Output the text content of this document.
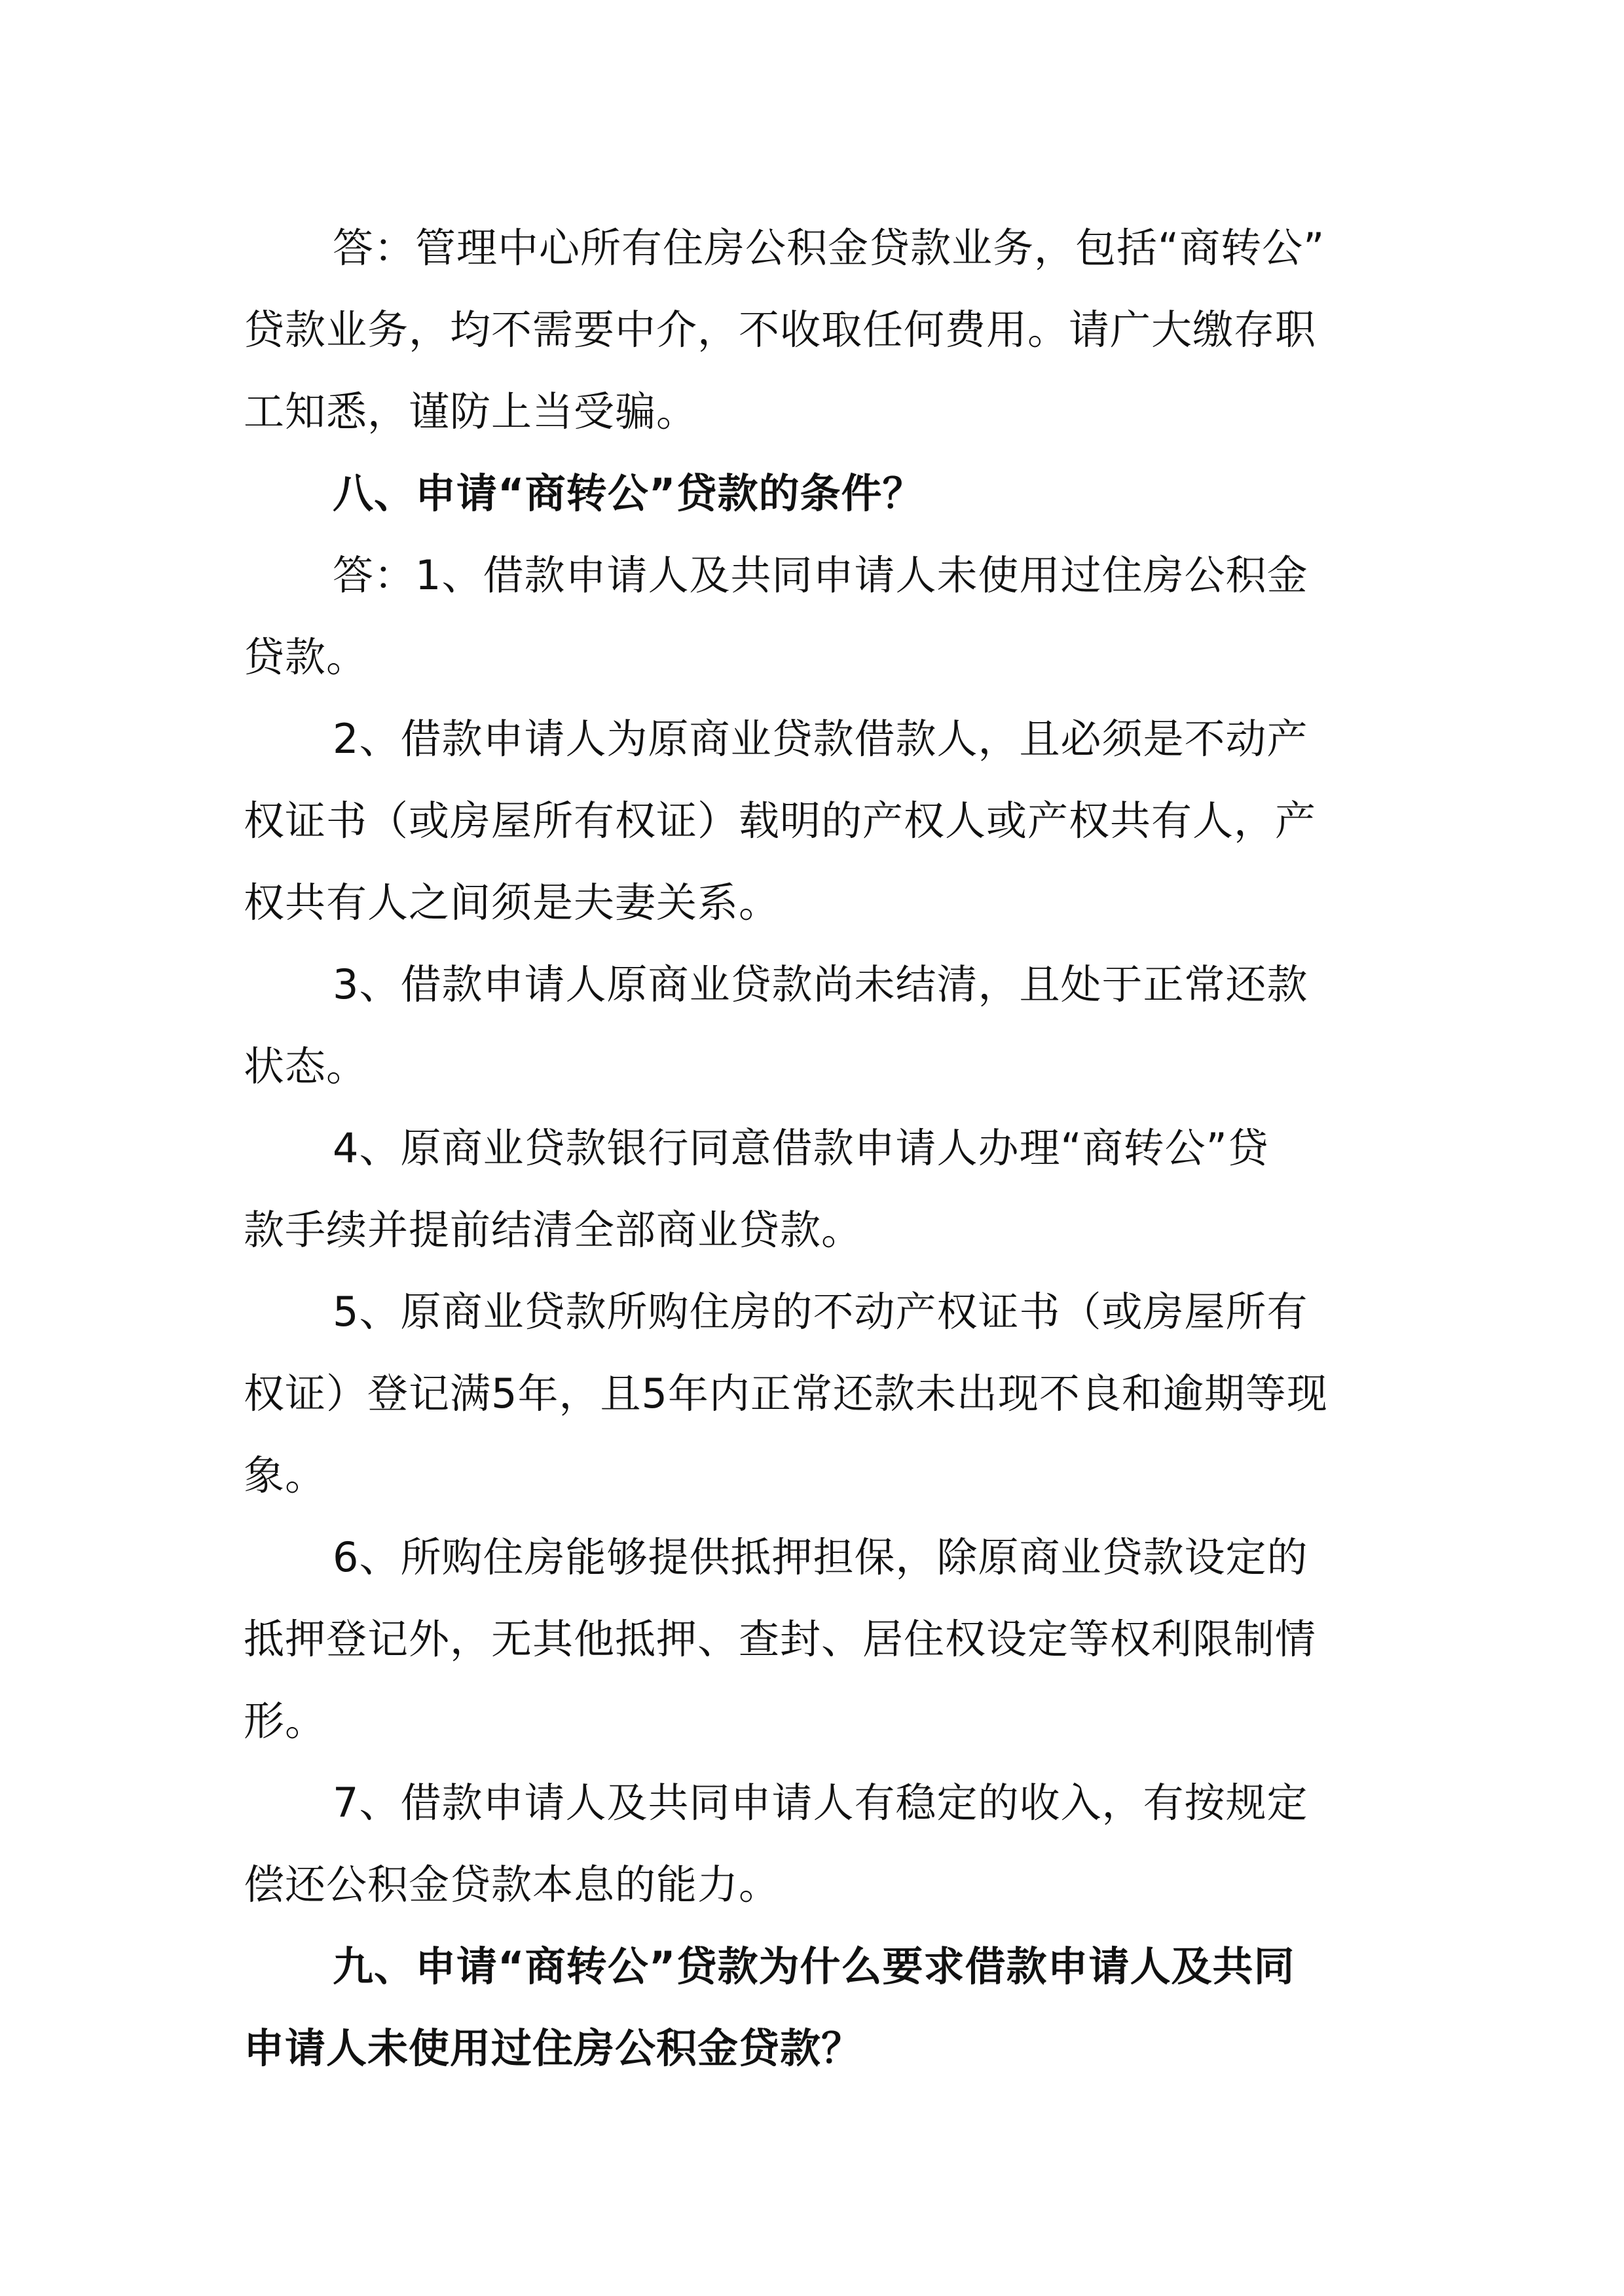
答：管理中心所有住房公积金贷款业务，包括“商转公”
贷款业务，均不需要中介，不收取任何费用。请广大缴存职
工知悉，谨防上当受骗。
八、申请“商转公”贷款的条件？
答：1、借款申请人及共同申请人未使用过住房公积金
贷款。
2、借款申请人为原商业贷款借款人，且必须是不动产
权证书（或房屋所有权证）载明的产权人或产权共有人，产
权共有人之间须是夫妻关系。
3、借款申请人原商业贷款尚未结清，且处于正常还款
状态。
4、原商业贷款银行同意借款申请人办理“商转公”贷
款手续并提前结清全部商业贷款。
5、原商业贷款所购住房的不动产权证书（或房屋所有
权证）登记满5年，且5年内正常还款未出现不良和逾期等现
象。
6、所购住房能够提供抵押担保，除原商业贷款设定的
抵押登记外，无其他抵押、查封、居住权设定等权利限制情
形。
7、借款申请人及共同申请人有稳定的收入，有按规定
偿还公积金贷款本息的能力。
九、申请“商转公”贷款为什么要求借款申请人及共同
申请人未使用过住房公积金贷款？
